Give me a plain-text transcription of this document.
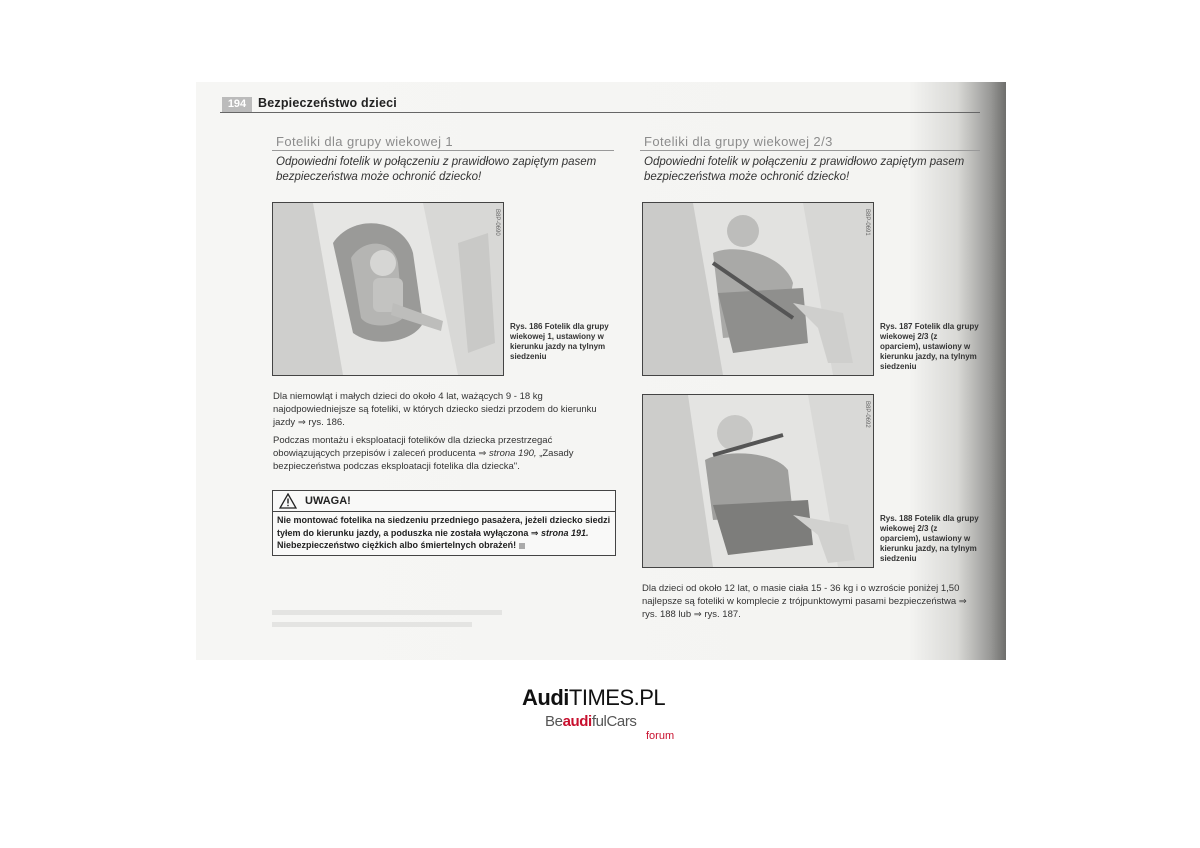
194 Bezpieczeństwo dzieci
Foteliki dla grupy wiekowej 1
Odpowiedni fotelik w połączeniu z prawidłowo zapiętym pasem bezpieczeństwa może ochronić dziecko!
B8P-0690
Rys. 186 Fotelik dla grupy wiekowej 1, ustawiony w kierunku jazdy na tylnym siedzeniu

Dla niemowląt i małych dzieci do około 4 lat, ważących 9 - 18 kg najodpowiedniejsze są foteliki, w których dziecko siedzi przodem do kierunku jazdy ⇒ rys. 186.

Podczas montażu i eksploatacji fotelików dla dziecka przestrzegać obowiązujących przepisów i zaleceń producenta ⇒ strona 190, „Zasady bezpieczeństwa podczas eksploatacji fotelika dla dziecka".

UWAGA!
Nie montować fotelika na siedzeniu przedniego pasażera, jeżeli dziecko siedzi tyłem do kierunku jazdy, a poduszka nie została wyłączona ⇒ strona 191. Niebezpieczeństwo ciężkich albo śmiertelnych obrażeń!
Foteliki dla grupy wiekowej 2/3
Odpowiedni fotelik w połączeniu z prawidłowo zapiętym pasem bezpieczeństwa może ochronić dziecko!
B8P-0691
Rys. 187 Fotelik dla grupy wiekowej 2/3 (z oparciem), ustawiony w kierunku jazdy, na tylnym siedzeniu
B8P-0692
Rys. 188 Fotelik dla grupy wiekowej 2/3 (z oparciem), ustawiony w kierunku jazdy, na tylnym siedzeniu

Dla dzieci od około 12 lat, o masie ciała 15 - 36 kg i o wzroście poniżej 1,50 najlepsze są foteliki w komplecie z trójpunktowymi pasami bezpieczeństwa ⇒ rys. 188 lub ⇒ rys. 187.

AudiTIMES.PL
BeaudifulCars
forum
